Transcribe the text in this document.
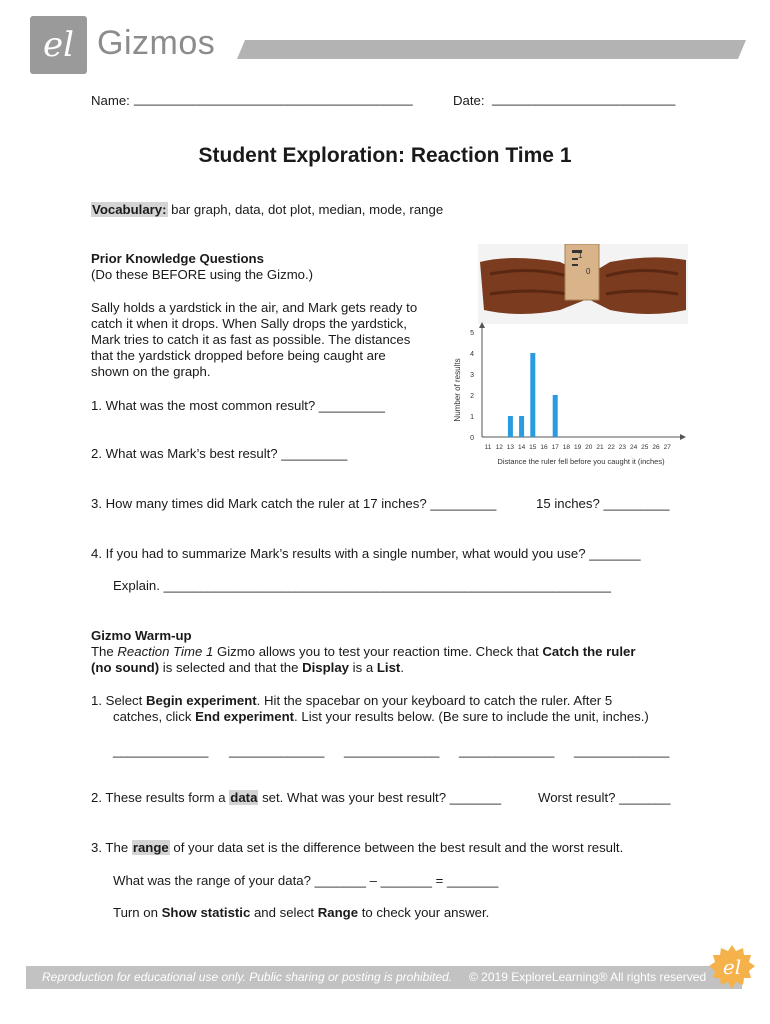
el Gizmos
Name: ______________________________________	Date: _________________________
Student Exploration: Reaction Time 1
Vocabulary: bar graph, data, dot plot, median, mode, range
Prior Knowledge Questions
(Do these BEFORE using the Gizmo.)
Sally holds a yardstick in the air, and Mark gets ready to
catch it when it drops. When Sally drops the yardstick,
Mark tries to catch it as fast as possible. The distances
that the yardstick dropped before being caught are
shown on the graph.
1. What was the most common result? _________
2. What was Mark’s best result? _________
3. How many times did Mark catch the ruler at 17 inches? _________	15 inches? _________
4. If you had to summarize Mark’s results with a single number, what would you use? _______
Explain. _____________________________________________________________
1
0
0
1
2
3
4
5
11 12 13 14 15 16 17 18 19 20 21 22 23 24 25 26 27
Number of results
Distance the ruler fell before you caught it (inches)
Gizmo Warm-up
The Reaction Time 1 Gizmo allows you to test your reaction time. Check that Catch the ruler
(no sound) is selected and that the Display is a List.
1. Select Begin experiment. Hit the spacebar on your keyboard to catch the ruler. After 5
catches, click End experiment. List your results below. (Be sure to include the unit, inches.)
_____________ _____________ _____________ _____________ _____________
2. These results form a data set. What was your best result? _______	Worst result? _______
3. The range of your data set is the difference between the best result and the worst result.
What was the range of your data? _______ – _______ = _______
Turn on Show statistic and select Range to check your answer.
Reproduction for educational use only. Public sharing or posting is prohibited. © 2019 ExploreLearning® All rights reserved el
